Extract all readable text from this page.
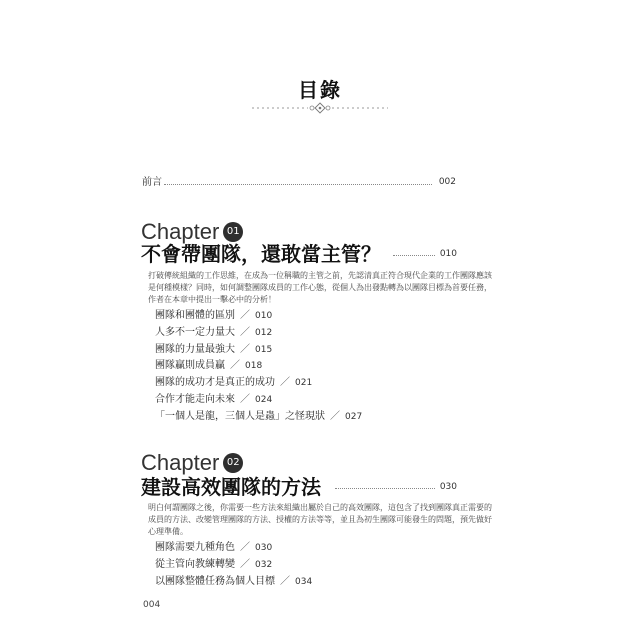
目錄
前言	002
Chapter 01
不會帶團隊，還敢當主管？	010

打破傳統組織的工作思維，在成為一位稱職的主管之前，先認清真正符合現代企業的工作團隊應該是何種模樣？同時，如何調整團隊成員的工作心態，從個人為出發點轉為以團隊目標為首要任務，作者在本章中提出一擊必中的分析！

團隊和團體的區別 ／ 010
人多不一定力量大 ／ 012
團隊的力量最強大 ／ 015
團隊贏則成員贏 ／ 018
團隊的成功才是真正的成功 ／ 021
合作才能走向未來 ／ 024
「一個人是龍，三個人是蟲」之怪現狀 ／ 027
Chapter 02
建設高效團隊的方法	030

明白何謂團隊之後，你需要一些方法來組織出屬於自己的高效團隊，這包含了找到團隊真正需要的成員的方法、改變管理團隊的方法、授權的方法等等，並且為初生團隊可能發生的問題，預先做好心理準備。

團隊需要九種角色 ／ 030
從主管向教練轉變 ／ 032
以團隊整體任務為個人目標 ／ 034
004
